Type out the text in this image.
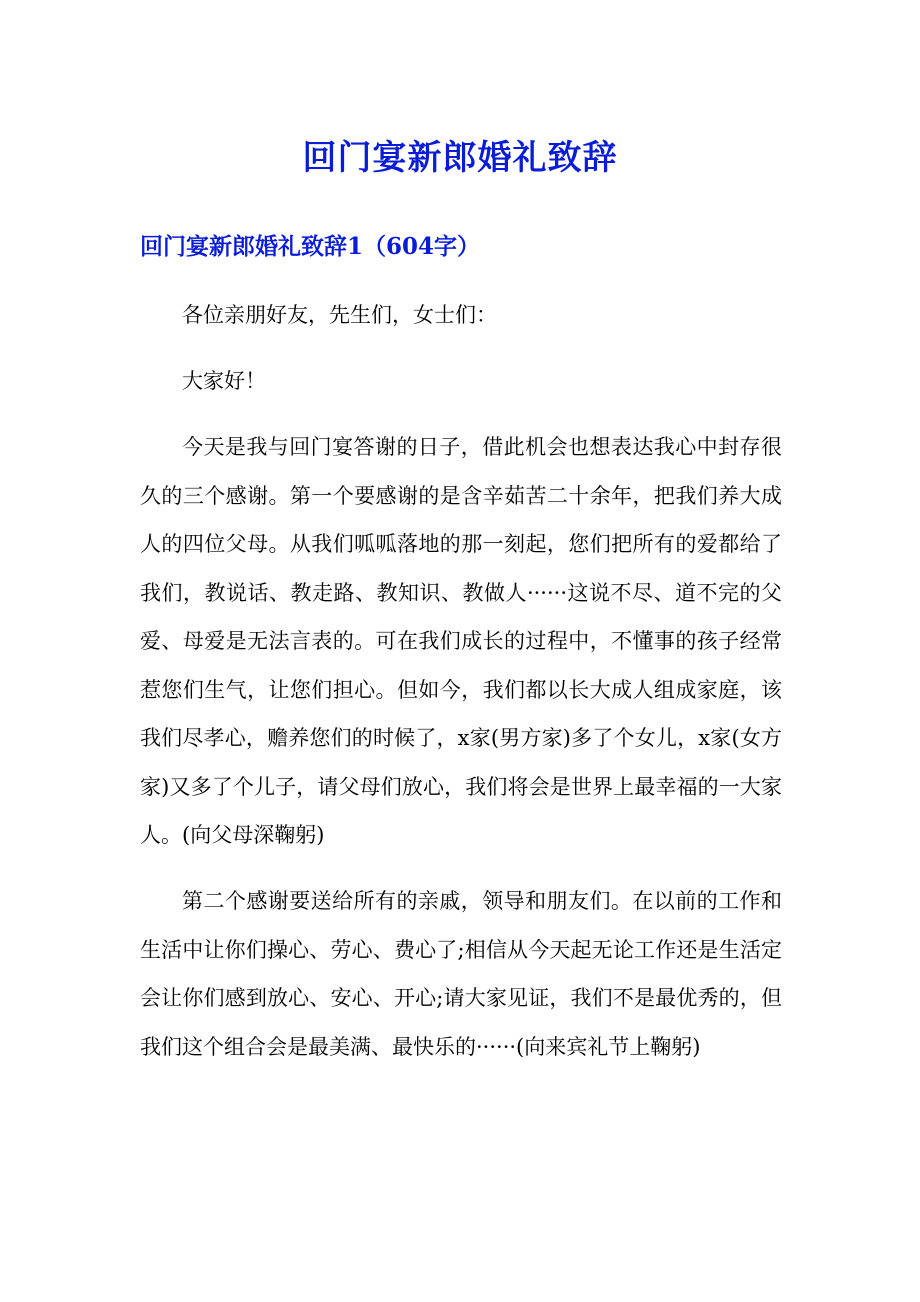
回门宴新郎婚礼致辞
回门宴新郎婚礼致辞1（604字）

各位亲朋好友，先生们，女士们：

大家好！

今天是我与回门宴答谢的日子，借此机会也想表达我心中封存很久的三个感谢。第一个要感谢的是含辛茹苦二十余年，把我们养大成人的四位父母。从我们呱呱落地的那一刻起，您们把所有的爱都给了我们，教说话、教走路、教知识、教做人······这说不尽、道不完的父爱、母爱是无法言表的。可在我们成长的过程中，不懂事的孩子经常惹您们生气，让您们担心。但如今，我们都以长大成人组成家庭，该我们尽孝心，赡养您们的时候了，x家(男方家)多了个女儿，x家(女方家)又多了个儿子，请父母们放心，我们将会是世界上最幸福的一大家人。(向父母深鞠躬)

第二个感谢要送给所有的亲戚，领导和朋友们。在以前的工作和生活中让你们操心、劳心、费心了;相信从今天起无论工作还是生活定会让你们感到放心、安心、开心;请大家见证，我们不是最优秀的，但我们这个组合会是最美满、最快乐的······(向来宾礼节上鞠躬)
